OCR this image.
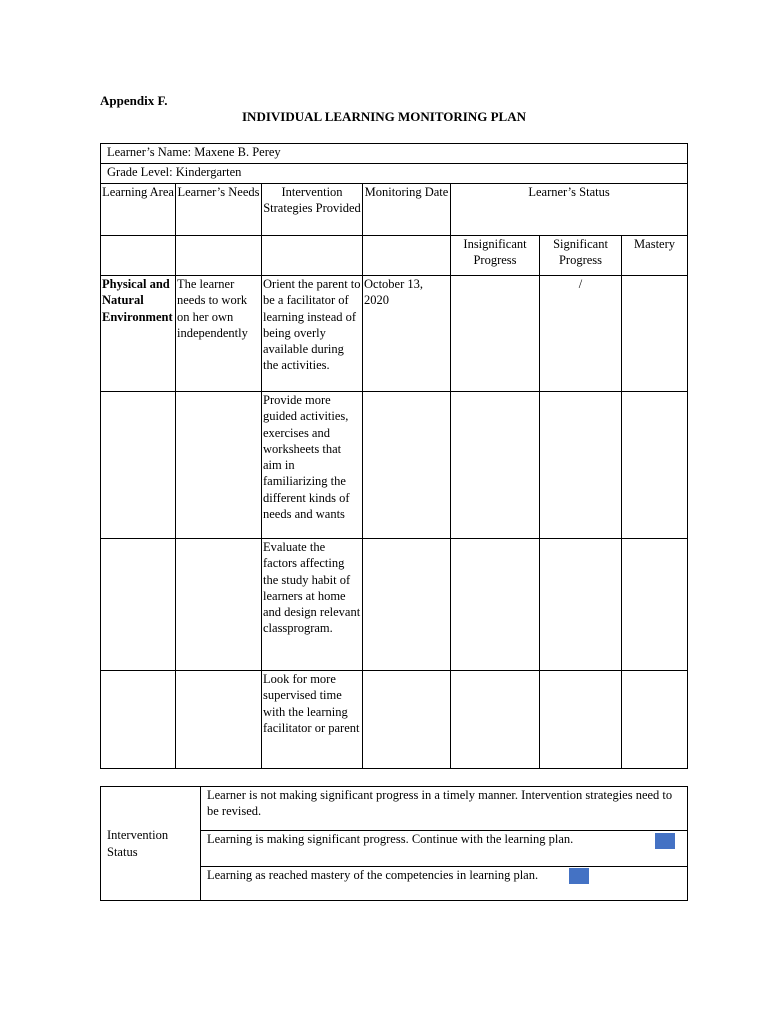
Appendix F.
INDIVIDUAL LEARNING MONITORING PLAN
Learner’s Name: Maxene B. Perey						
Grade Level: Kindergarten						
Learning Area	Learner’s Needs	Intervention Strategies Provided	Monitoring Date	Learner’s Status		
				Insignificant Progress	Significant Progress	Mastery
Physical and Natural Environment	The learner needs to work on her own independently	Orient the parent to be a facilitator of learning instead of being overly available during the activities.	October 13, 2020		/	
		Provide more guided activities, exercises and worksheets that aim in familiarizing the different kinds of needs and wants				
		Evaluate the factors affecting the study habit of learners at home and design relevant classprogram.				
		Look for more supervised time with the learning facilitator or parent				
Intervention Status	Learner is not making significant progress in a timely manner. Intervention strategies need to be revised.

Learning is making significant progress. Continue with the learning plan.

Learning as reached mastery of the competencies in learning plan.
